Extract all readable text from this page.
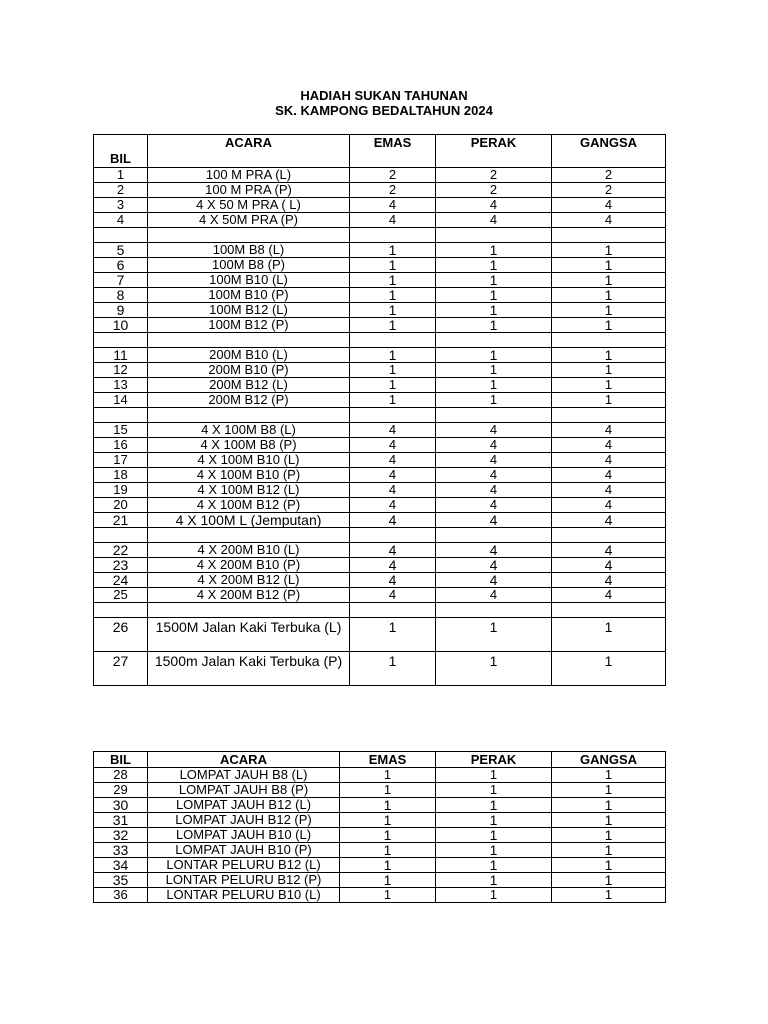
HADIAH SUKAN TAHUNAN
SK. KAMPONG BEDALTAHUN 2024
BIL	ACARA	EMAS	PERAK	GANGSA
1	100 M PRA (L)	2	2	2
2	100 M PRA (P)	2	2	2
3	4 X 50 M PRA ( L)	4	4	4
4	4 X 50M PRA (P)	4	4	4

5	100M B8 (L)	1	1	1
6	100M B8 (P)	1	1	1
7	100M B10 (L)	1	1	1
8	100M B10 (P)	1	1	1
9	100M B12 (L)	1	1	1
10	100M B12 (P)	1	1	1

11	200M B10 (L)	1	1	1
12	200M B10 (P)	1	1	1
13	200M B12 (L)	1	1	1
14	200M B12 (P)	1	1	1

15	4 X 100M B8 (L)	4	4	4
16	4 X 100M B8 (P)	4	4	4
17	4 X 100M B10 (L)	4	4	4
18	4 X 100M B10 (P)	4	4	4
19	4 X 100M B12 (L)	4	4	4
20	4 X 100M B12 (P)	4	4	4
21	4 X 100M L (Jemputan)	4	4	4

22	4 X 200M B10 (L)	4	4	4
23	4 X 200M B10 (P)	4	4	4
24	4 X 200M B12 (L)	4	4	4
25	4 X 200M B12 (P)	4	4	4

26	1500M Jalan Kaki Terbuka (L)	1	1	1
27	1500m Jalan Kaki Terbuka (P)	1	1	1
BIL	ACARA	EMAS	PERAK	GANGSA
28	LOMPAT JAUH B8 (L)	1	1	1
29	LOMPAT JAUH B8 (P)	1	1	1
30	LOMPAT JAUH B12 (L)	1	1	1
31	LOMPAT JAUH B12 (P)	1	1	1
32	LOMPAT JAUH B10 (L)	1	1	1
33	LOMPAT JAUH B10 (P)	1	1	1
34	LONTAR PELURU B12 (L)	1	1	1
35	LONTAR PELURU B12 (P)	1	1	1
36	LONTAR PELURU B10 (L)	1	1	1
